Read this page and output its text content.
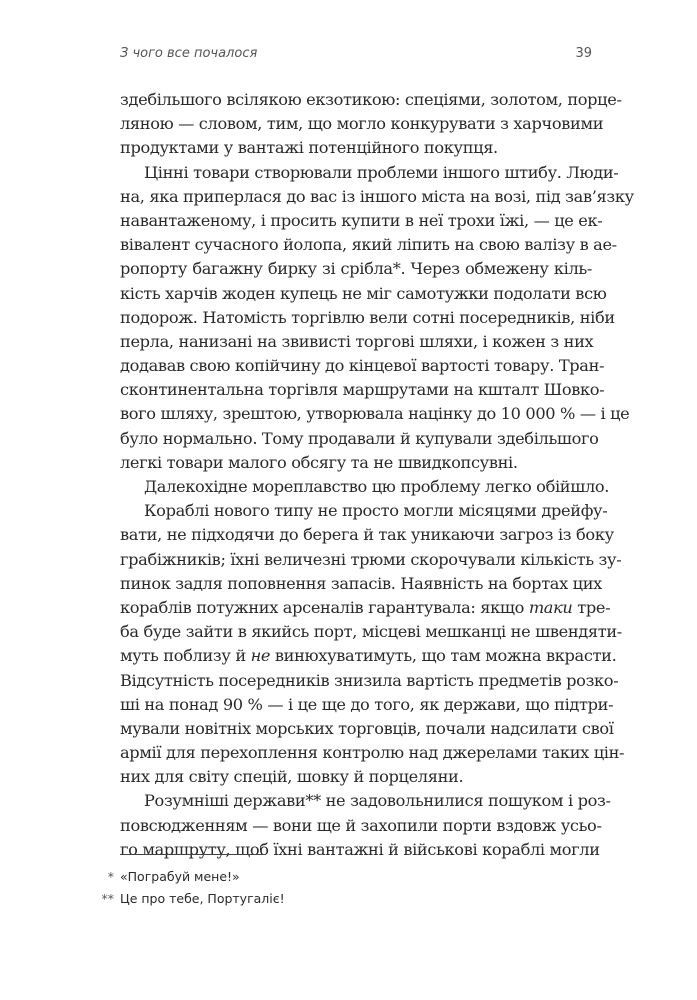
З чого все почалося	39
здебільшого всілякою екзотикою: спеціями, золотом, порце-
ляною — словом, тим, що могло конкурувати з харчовими
продуктами у вантажі потенційного покупця.
Цінні товари створювали проблеми іншого штибу. Люди-
на, яка приперлася до вас із іншого міста на возі, під зав’язку
навантаженому, і просить купити в неї трохи їжі, — це ек-
вівалент сучасного йолопа, який ліпить на свою валізу в ае-
ропорту багажну бирку зі срібла*. Через обмежену кіль-
кість харчів жоден купець не міг самотужки подолати всю
подорож. Натомість торгівлю вели сотні посередників, ніби
перла, нанизані на звивисті торгові шляхи, і кожен з них
додавав свою копійчину до кінцевої вартості товару. Тран-
сконтинентальна торгівля маршрутами на кшталт Шовко-
вого шляху, зрештою, утворювала націнку до 10 000 % — і це
було нормально. Тому продавали й купували здебільшого
легкі товари малого обсягу та не швидкопсувні.
Далекохідне мореплавство цю проблему легко обійшло.
Кораблі нового типу не просто могли місяцями дрейфу-
вати, не підходячи до берега й так уникаючи загроз із боку
грабіжників; їхні величезні трюми скорочували кількість зу-
пинок задля поповнення запасів. Наявність на бортах цих
кораблів потужних арсеналів гарантувала: якщо таки тре-
ба буде зайти в якийсь порт, місцеві мешканці не швендяти-
муть поблизу й не винюхуватимуть, що там можна вкрасти.
Відсутність посередників знизила вартість предметів розко-
ші на понад 90 % — і це ще до того, як держави, що підтри-
мували новітніх морських торговців, почали надсилати свої
армії для перехоплення контролю над джерелами таких цін-
них для світу спецій, шовку й порцеляни.
Розумніші держави** не задовольнилися пошуком і роз-
повсюдженням — вони ще й захопили порти вздовж усьо-
го маршруту, щоб їхні вантажні й військові кораблі могли
* «Пограбуй мене!»
** Це про тебе, Португаліє!
